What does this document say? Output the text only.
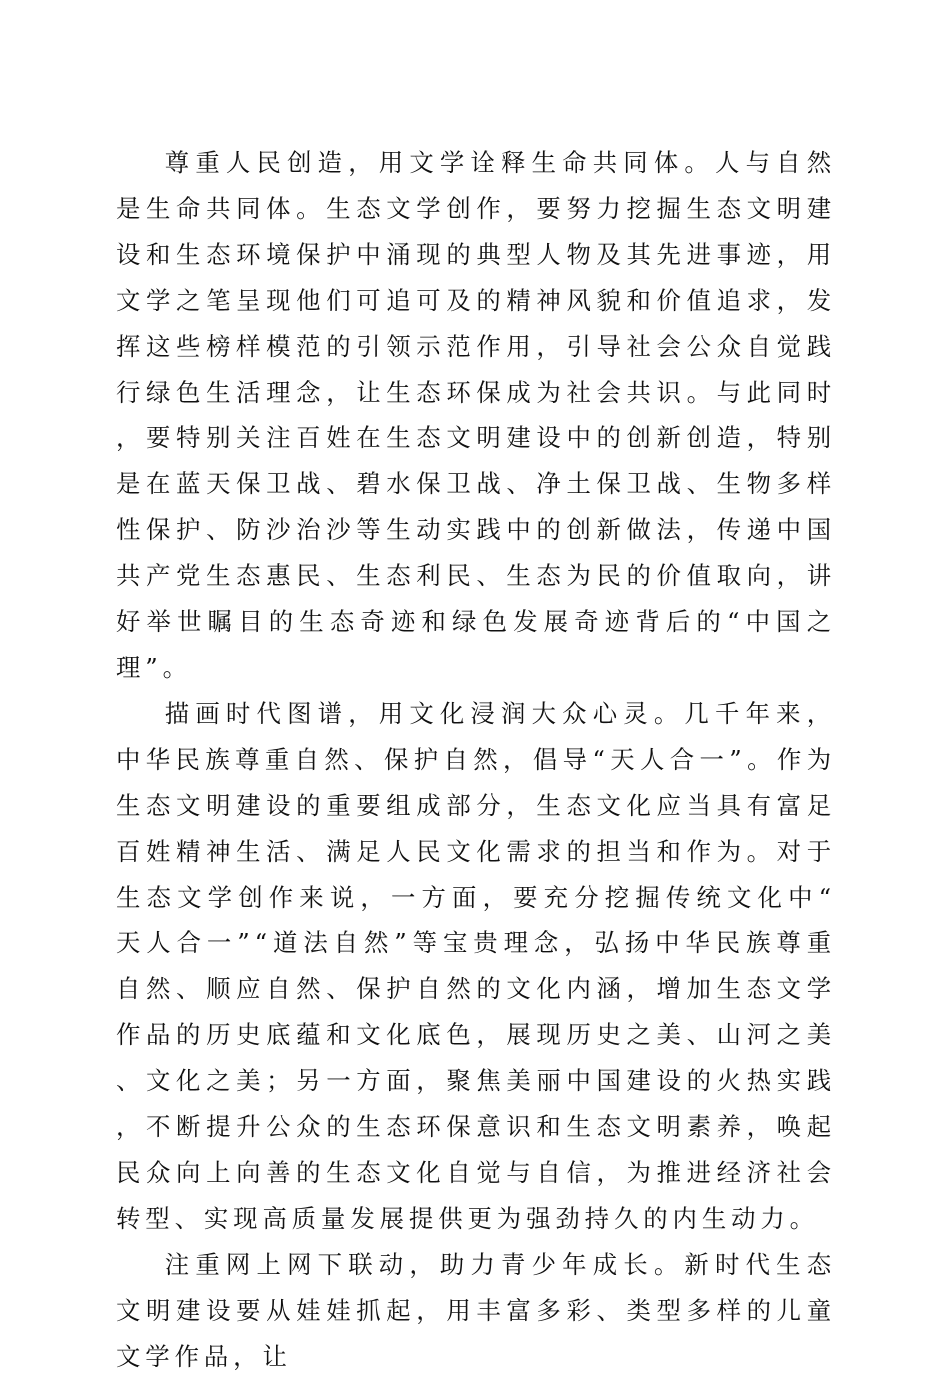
尊重人民创造，用文学诠释生命共同体。人与自然是生命共同体。生态文学创作，要努力挖掘生态文明建设和生态环境保护中涌现的典型人物及其先进事迹，用文学之笔呈现他们可追可及的精神风貌和价值追求，发挥这些榜样模范的引领示范作用，引导社会公众自觉践行绿色生活理念，让生态环保成为社会共识。与此同时，要特别关注百姓在生态文明建设中的创新创造，特别是在蓝天保卫战、碧水保卫战、净土保卫战、生物多样性保护、防沙治沙等生动实践中的创新做法，传递中国共产党生态惠民、生态利民、生态为民的价值取向，讲好举世瞩目的生态奇迹和绿色发展奇迹背后的“中国之理”。

描画时代图谱，用文化浸润大众心灵。几千年来，中华民族尊重自然、保护自然，倡导“天人合一”。作为生态文明建设的重要组成部分，生态文化应当具有富足百姓精神生活、满足人民文化需求的担当和作为。对于生态文学创作来说，一方面，要充分挖掘传统文化中“天人合一”“道法自然”等宝贵理念，弘扬中华民族尊重自然、顺应自然、保护自然的文化内涵，增加生态文学作品的历史底蕴和文化底色，展现历史之美、山河之美、文化之美；另一方面，聚焦美丽中国建设的火热实践，不断提升公众的生态环保意识和生态文明素养，唤起民众向上向善的生态文化自觉与自信，为推进经济社会转型、实现高质量发展提供更为强劲持久的内生动力。

注重网上网下联动，助力青少年成长。新时代生态文明建设要从娃娃抓起，用丰富多彩、类型多样的儿童文学作品，让
